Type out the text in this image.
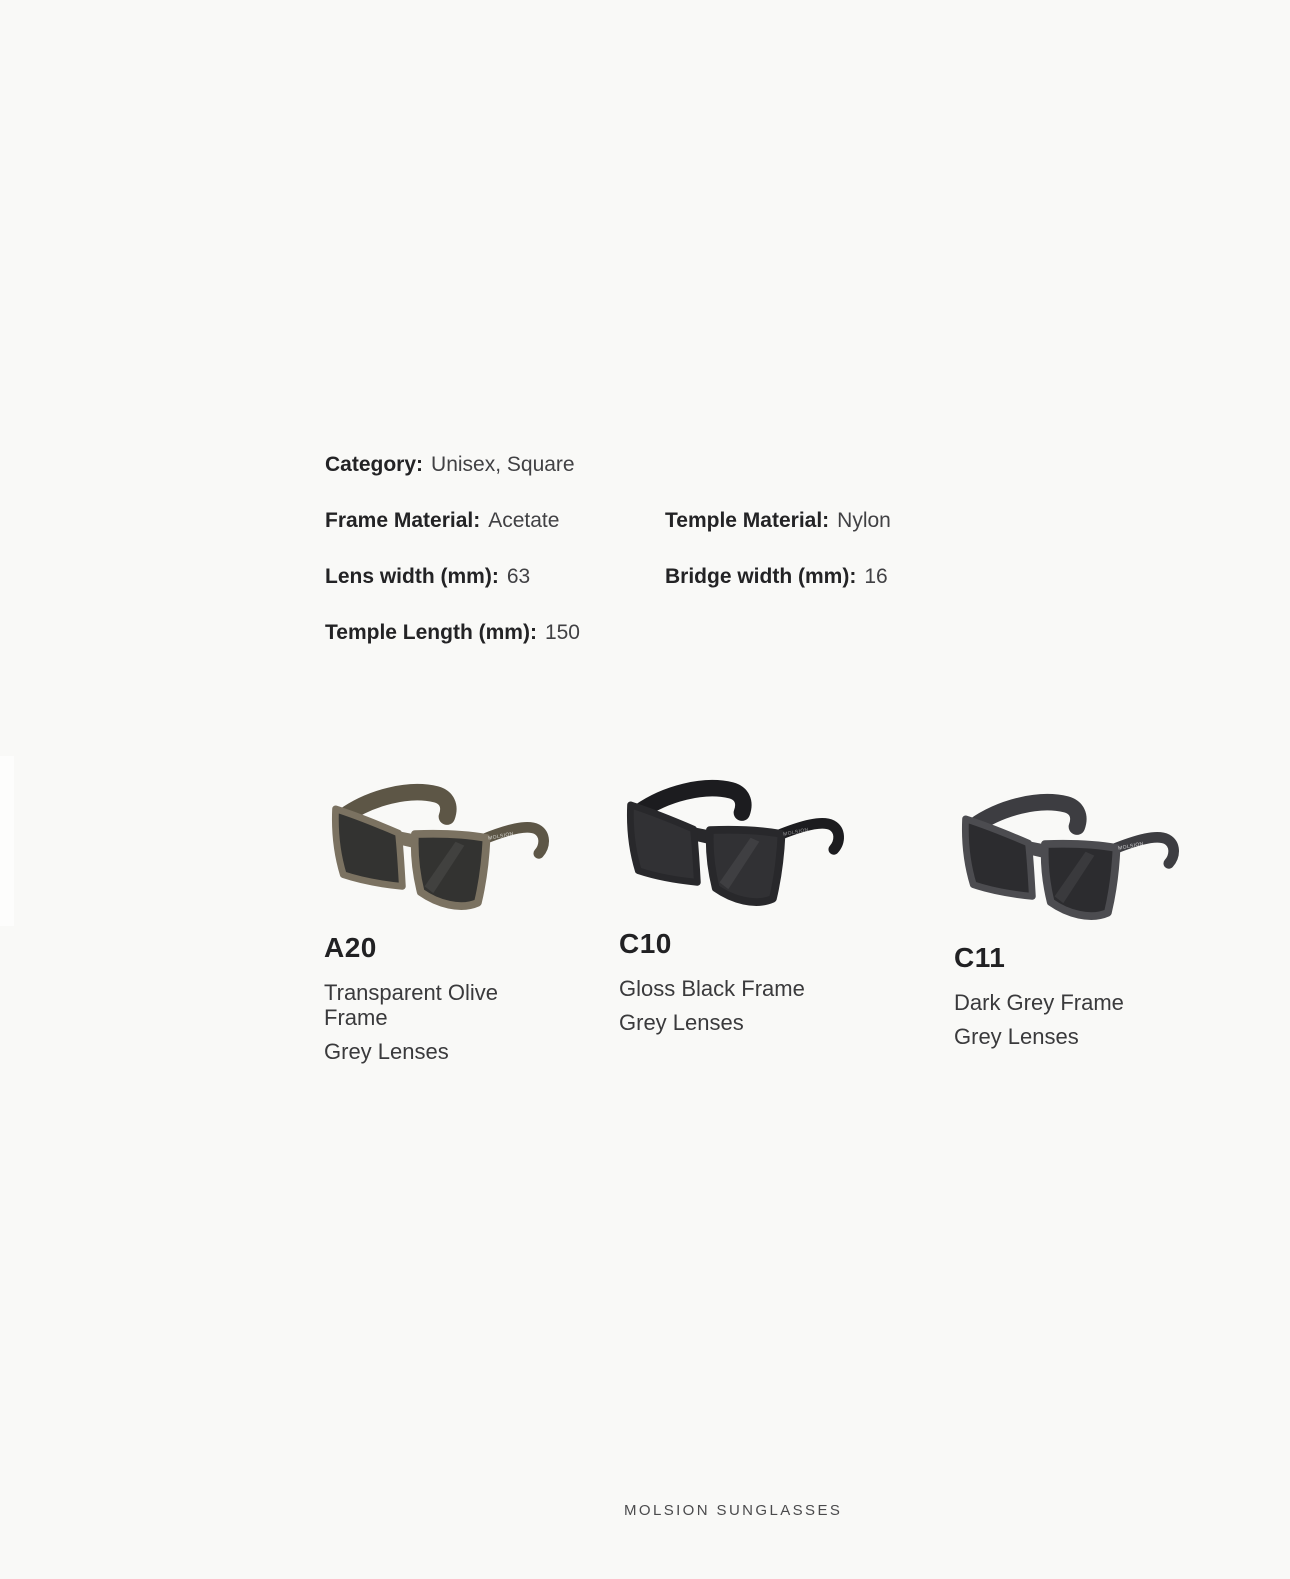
Category: Unisex, Square
Frame Material: Acetate	Temple Material: Nylon
Lens width (mm): 63	Bridge width (mm): 16
Temple Length (mm): 150
MOLSION
A20

Transparent Olive Frame

Grey Lenses

MOLSION
C10

Gloss Black Frame

Grey Lenses

MOLSION
C11

Dark Grey Frame

Grey Lenses

MOLSION SUNGLASSES
